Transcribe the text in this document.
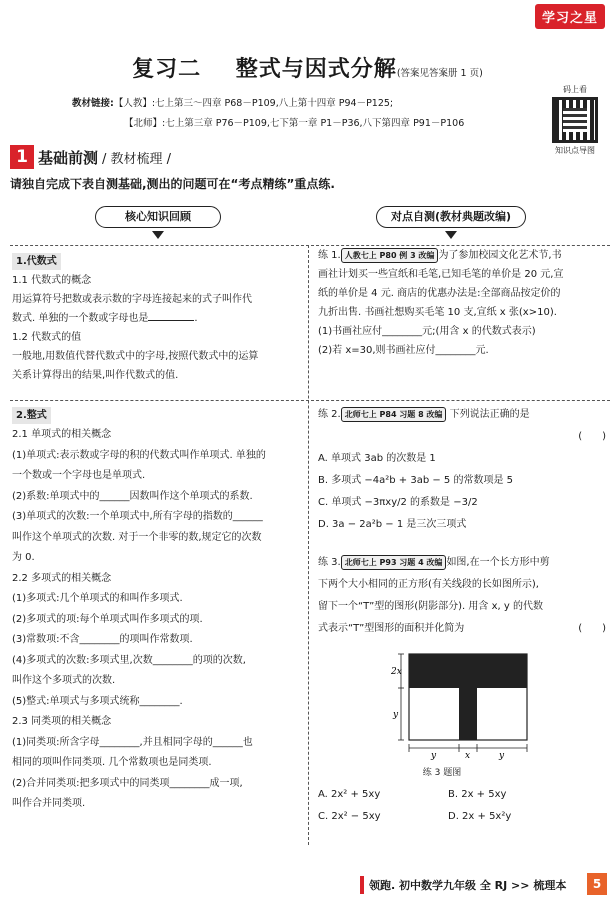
学习之星
复习二    整式与因式分解(答案见答案册 1 页)
教材链接:【人教】:七上第三～四章 P68－P109,八上第十四章 P94－P125;
【北师】:七上第三章 P76－P109,七下第一章 P1－P36,八下第四章 P91－P106
码上看
知识点导图
1 基础前测 / 教材梳理 /
请独自完成下表自测基础,测出的问题可在“考点精练”重点练.
核心知识回顾	对点自测(教材典题改编)
1.代数式
1.1 代数式的概念
用运算符号把数或表示数的字母连接起来的式子叫作代
数式. 单独的一个数或字母也是	.
1.2 代数式的值
一般地,用数值代替代数式中的字母,按照代数式中的运算
关系计算得出的结果,叫作代数式的值.
2.整式
2.1 单项式的相关概念
(1)单项式:表示数或字母的积的代数式叫作单项式. 单独的
一个数或一个字母也是单项式.
(2)系数:单项式中的______因数叫作这个单项式的系数.
(3)单项式的次数:一个单项式中,所有字母的指数的______
叫作这个单项式的次数. 对于一个非零的数,规定它的次数
为 0.
2.2 多项式的相关概念
(1)多项式:几个单项式的和叫作多项式.
(2)多项式的项:每个单项式叫作多项式的项.
(3)常数项:不含________的项叫作常数项.
(4)多项式的次数:多项式里,次数________的项的次数,
叫作这个多项式的次数.
(5)整式:单项式与多项式统称________.
2.3 同类项的相关概念
(1)同类项:所含字母________,并且相同字母的______也
相同的项叫作同类项. 几个常数项也是同类项.
(2)合并同类项:把多项式中的同类项________成一项,
叫作合并同类项.
练 1. 人教七上 P80 例 3 改编 为了参加校园文化艺术节,书
画社计划买一些宣纸和毛笔,已知毛笔的单价是 20 元,宣
纸的单价是 4 元. 商店的优惠办法是:全部商品按定价的
九折出售. 书画社想购买毛笔 10 支,宣纸 x 张(x>10).
(1)书画社应付________元;(用含 x 的代数式表示)
(2)若 x=30,则书画社应付________元.
练 2. 北师七上 P84 习题 8 改编 下列说法正确的是
(　　)
A. 单项式 3ab 的次数是 1
B. 多项式 −4a²b + 3ab − 5 的常数项是 5
C. 单项式 −3πxy/2 的系数是 −3/2
D. 3a − 2a²b − 1 是三次三项式
练 3. 北师七上 P93 习题 4 改编 如图,在一个长方形中剪
下两个大小相同的正方形(有关线段的长如图所示),
留下一个“T”型的图形(阴影部分). 用含 x, y 的代数
式表示“T”型图形的面积并化简为	(　　)
2x
y
y	x	y
练 3 题图
A. 2x² + 5xy	B. 2x + 5xy
C. 2x² − 5xy	D. 2x + 5x²y
领跑. 初中数学九年级 全 RJ >> 梳理本	5
